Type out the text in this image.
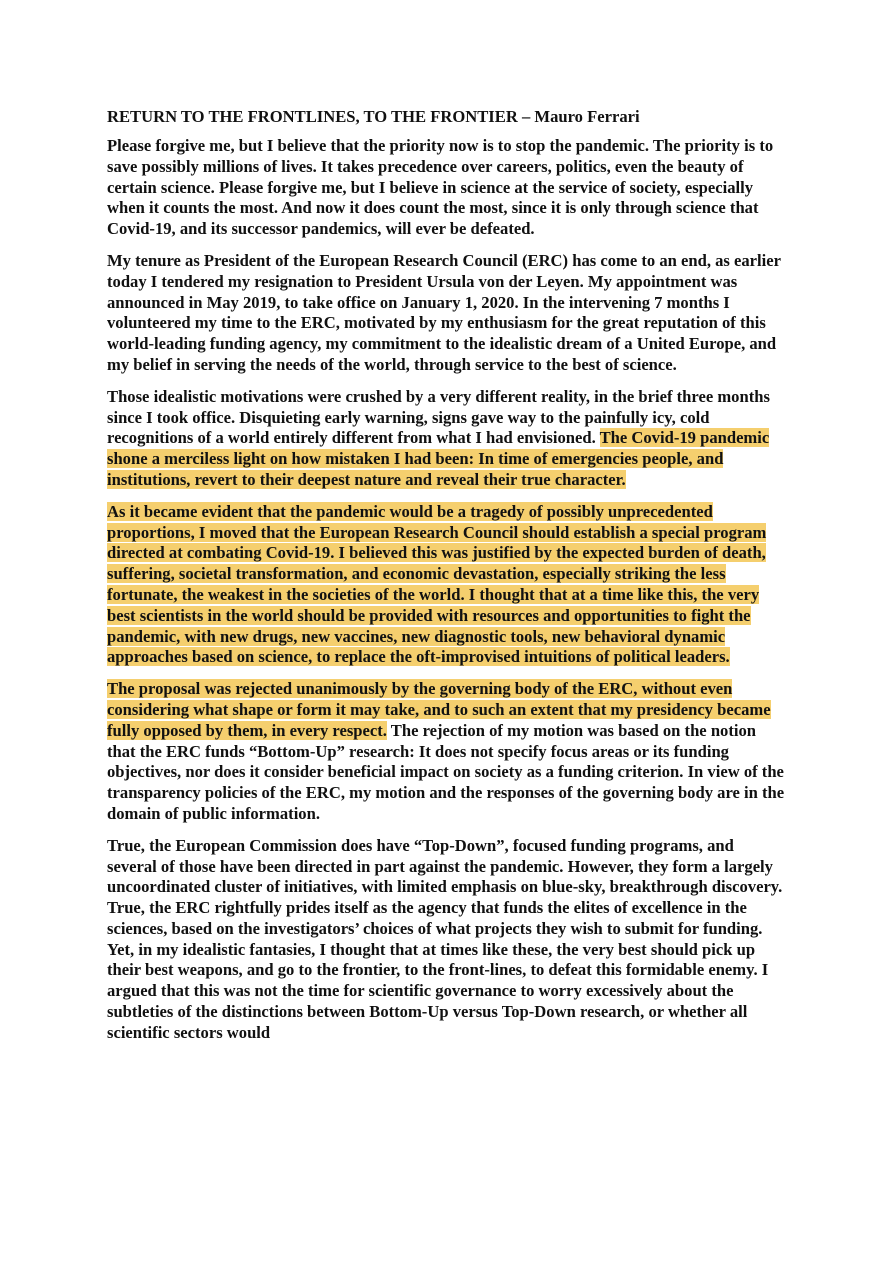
RETURN TO THE FRONTLINES, TO THE FRONTIER – Mauro Ferrari

Please forgive me, but I believe that the priority now is to stop the pandemic. The priority is to save possibly millions of lives. It takes precedence over careers, politics, even the beauty of certain science. Please forgive me, but I believe in science at the service of society, especially when it counts the most. And now it does count the most, since it is only through science that Covid-19, and its successor pandemics, will ever be defeated.

My tenure as President of the European Research Council (ERC) has come to an end, as earlier today I tendered my resignation to President Ursula von der Leyen. My appointment was announced in May 2019, to take office on January 1, 2020. In the intervening 7 months I volunteered my time to the ERC, motivated by my enthusiasm for the great reputation of this world-leading funding agency, my commitment to the idealistic dream of a United Europe, and my belief in serving the needs of the world, through service to the best of science.

Those idealistic motivations were crushed by a very different reality, in the brief three months since I took office. Disquieting early warning, signs gave way to the painfully icy, cold recognitions of a world entirely different from what I had envisioned. The Covid-19 pandemic shone a merciless light on how mistaken I had been: In time of emergencies people, and institutions, revert to their deepest nature and reveal their true character.

As it became evident that the pandemic would be a tragedy of possibly unprecedented proportions, I moved that the European Research Council should establish a special program directed at combating Covid-19. I believed this was justified by the expected burden of death, suffering, societal transformation, and economic devastation, especially striking the less fortunate, the weakest in the societies of the world. I thought that at a time like this, the very best scientists in the world should be provided with resources and opportunities to fight the pandemic, with new drugs, new vaccines, new diagnostic tools, new behavioral dynamic approaches based on science, to replace the oft-improvised intuitions of political leaders.

The proposal was rejected unanimously by the governing body of the ERC, without even considering what shape or form it may take, and to such an extent that my presidency became fully opposed by them, in every respect. The rejection of my motion was based on the notion that the ERC funds “Bottom-Up” research: It does not specify focus areas or its funding objectives, nor does it consider beneficial impact on society as a funding criterion. In view of the transparency policies of the ERC, my motion and the responses of the governing body are in the domain of public information.

True, the European Commission does have “Top-Down”, focused funding programs, and several of those have been directed in part against the pandemic. However, they form a largely uncoordinated cluster of initiatives, with limited emphasis on blue-sky, breakthrough discovery. True, the ERC rightfully prides itself as the agency that funds the elites of excellence in the sciences, based on the investigators’ choices of what projects they wish to submit for funding. Yet, in my idealistic fantasies, I thought that at times like these, the very best should pick up their best weapons, and go to the frontier, to the front-lines, to defeat this formidable enemy. I argued that this was not the time for scientific governance to worry excessively about the subtleties of the distinctions between Bottom-Up versus Top-Down research, or whether all scientific sectors would
